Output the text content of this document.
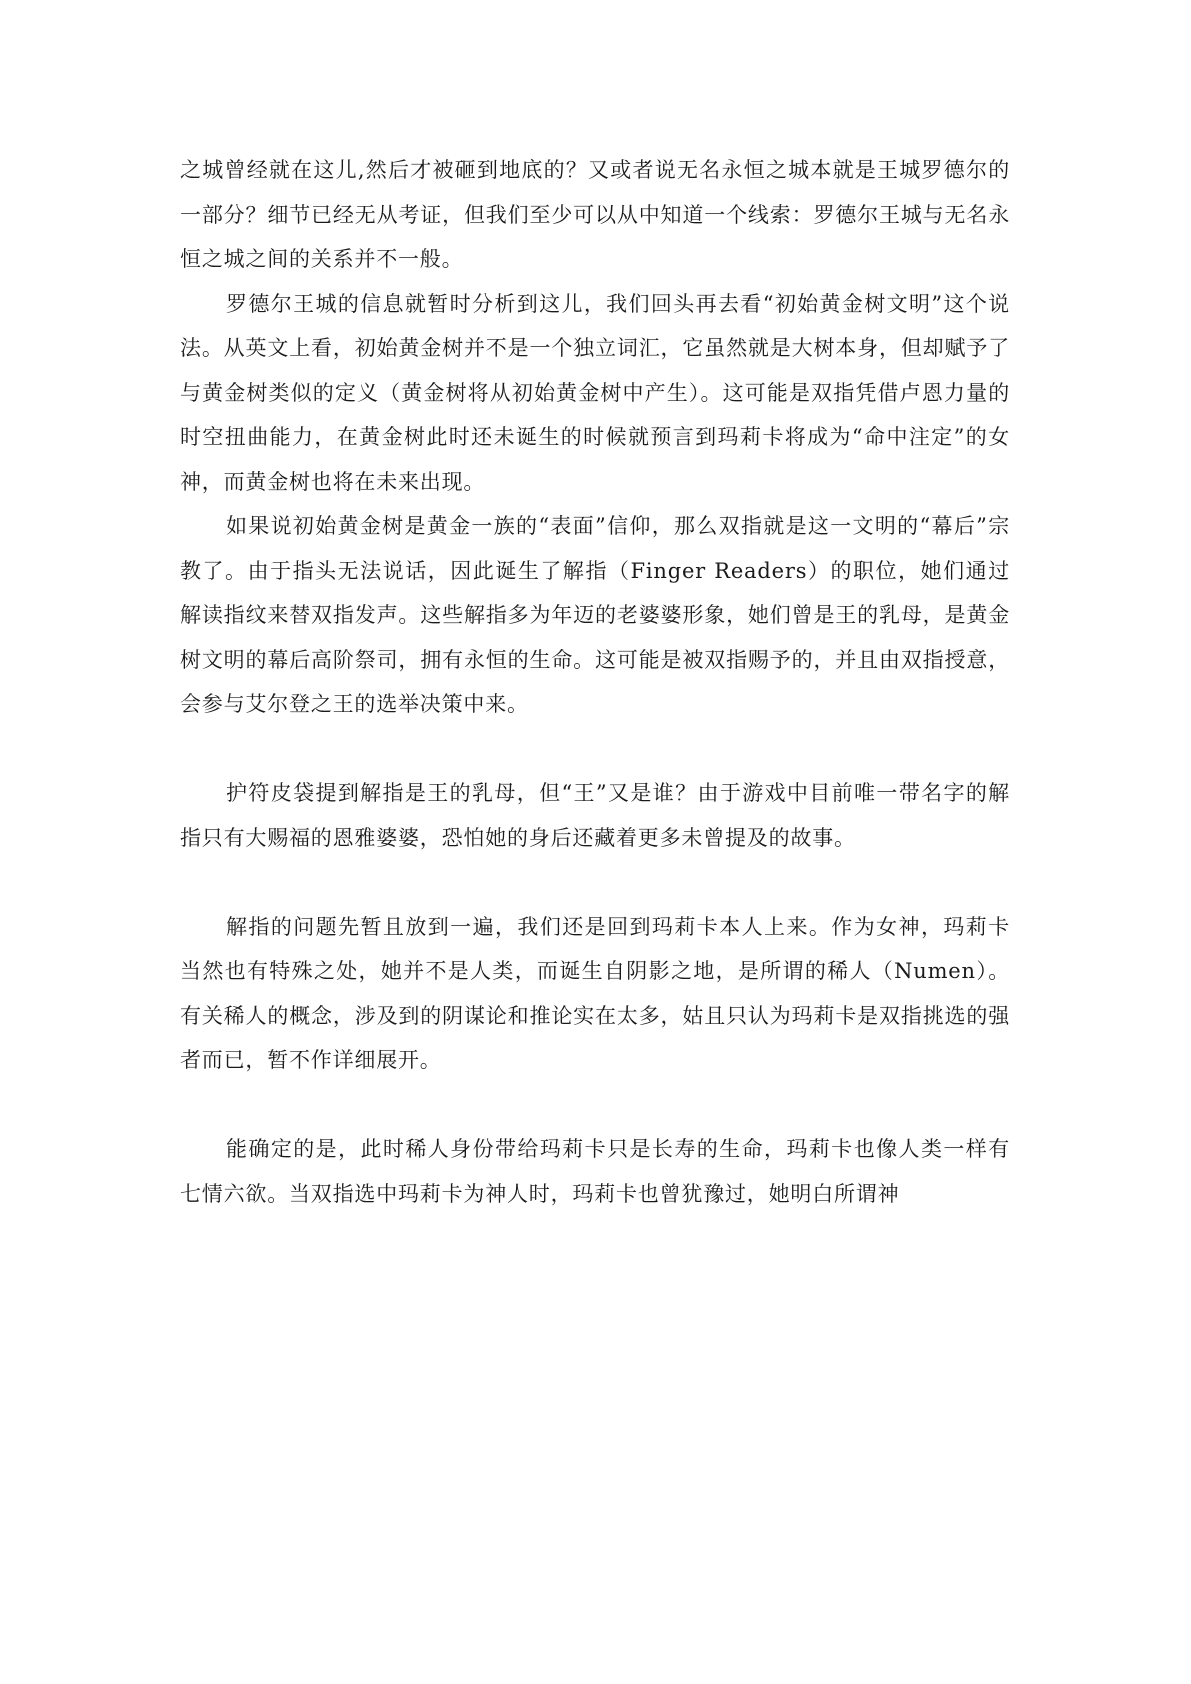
之城曾经就在这儿,然后才被砸到地底的？又或者说无名永恒之城本就是王城罗德尔的一部分？细节已经无从考证，但我们至少可以从中知道一个线索：罗德尔王城与无名永恒之城之间的关系并不一般。

罗德尔王城的信息就暂时分析到这儿，我们回头再去看“初始黄金树文明”这个说法。从英文上看，初始黄金树并不是一个独立词汇，它虽然就是大树本身，但却赋予了与黄金树类似的定义（黄金树将从初始黄金树中产生）。这可能是双指凭借卢恩力量的时空扭曲能力，在黄金树此时还未诞生的时候就预言到玛莉卡将成为“命中注定”的女神，而黄金树也将在未来出现。

如果说初始黄金树是黄金一族的“表面”信仰，那么双指就是这一文明的“幕后”宗教了。由于指头无法说话，因此诞生了解指（Finger Readers）的职位，她们通过解读指纹来替双指发声。这些解指多为年迈的老婆婆形象，她们曾是王的乳母，是黄金树文明的幕后高阶祭司，拥有永恒的生命。这可能是被双指赐予的，并且由双指授意，会参与艾尔登之王的选举决策中来。

护符皮袋提到解指是王的乳母，但“王”又是谁？由于游戏中目前唯一带名字的解指只有大赐福的恩雅婆婆，恐怕她的身后还藏着更多未曾提及的故事。

解指的问题先暂且放到一遍，我们还是回到玛莉卡本人上来。作为女神，玛莉卡当然也有特殊之处，她并不是人类，而诞生自阴影之地，是所谓的稀人（Numen）。有关稀人的概念，涉及到的阴谋论和推论实在太多，姑且只认为玛莉卡是双指挑选的强者而已，暂不作详细展开。

能确定的是，此时稀人身份带给玛莉卡只是长寿的生命，玛莉卡也像人类一样有七情六欲。当双指选中玛莉卡为神人时，玛莉卡也曾犹豫过，她明白所谓神
